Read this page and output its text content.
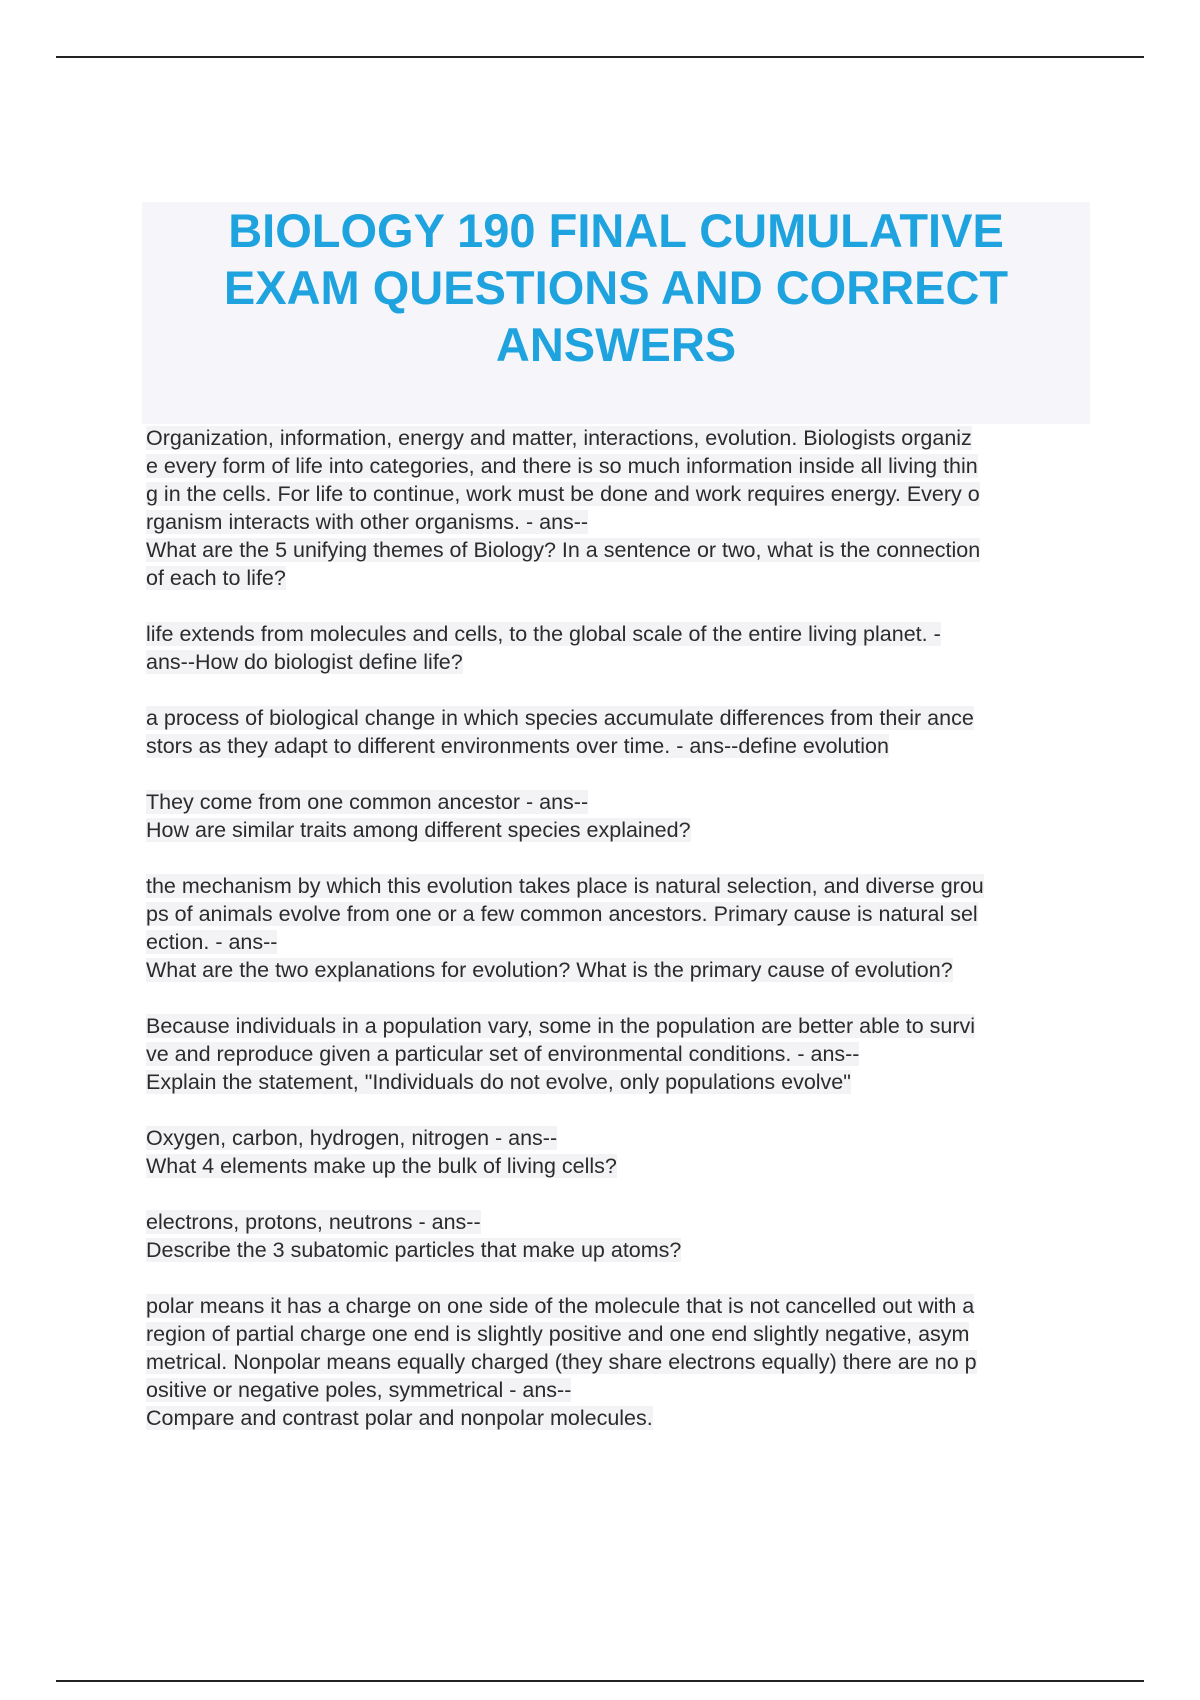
BIOLOGY 190 FINAL CUMULATIVE
EXAM QUESTIONS AND CORRECT
ANSWERS
Organization, information, energy and matter, interactions, evolution. Biologists organiz
e every form of life into categories, and there is so much information inside all living thin
g in the cells. For life to continue, work must be done and work requires energy. Every o
rganism interacts with other organisms. - ans--
What are the 5 unifying themes of Biology? In a sentence or two, what is the connection
of each to life?
life extends from molecules and cells, to the global scale of the entire living planet. -
ans--How do biologist define life?
a process of biological change in which species accumulate differences from their ance
stors as they adapt to different environments over time. - ans--define evolution
They come from one common ancestor - ans--
How are similar traits among different species explained?
the mechanism by which this evolution takes place is natural selection, and diverse grou
ps of animals evolve from one or a few common ancestors. Primary cause is natural sel
ection. - ans--
What are the two explanations for evolution? What is the primary cause of evolution?
Because individuals in a population vary, some in the population are better able to survi
ve and reproduce given a particular set of environmental conditions. - ans--
Explain the statement, "Individuals do not evolve, only populations evolve"
Oxygen, carbon, hydrogen, nitrogen - ans--
What 4 elements make up the bulk of living cells?
electrons, protons, neutrons - ans--
Describe the 3 subatomic particles that make up atoms?
polar means it has a charge on one side of the molecule that is not cancelled out with a
region of partial charge one end is slightly positive and one end slightly negative, asym
metrical. Nonpolar means equally charged (they share electrons equally) there are no p
ositive or negative poles, symmetrical - ans--
Compare and contrast polar and nonpolar molecules.
